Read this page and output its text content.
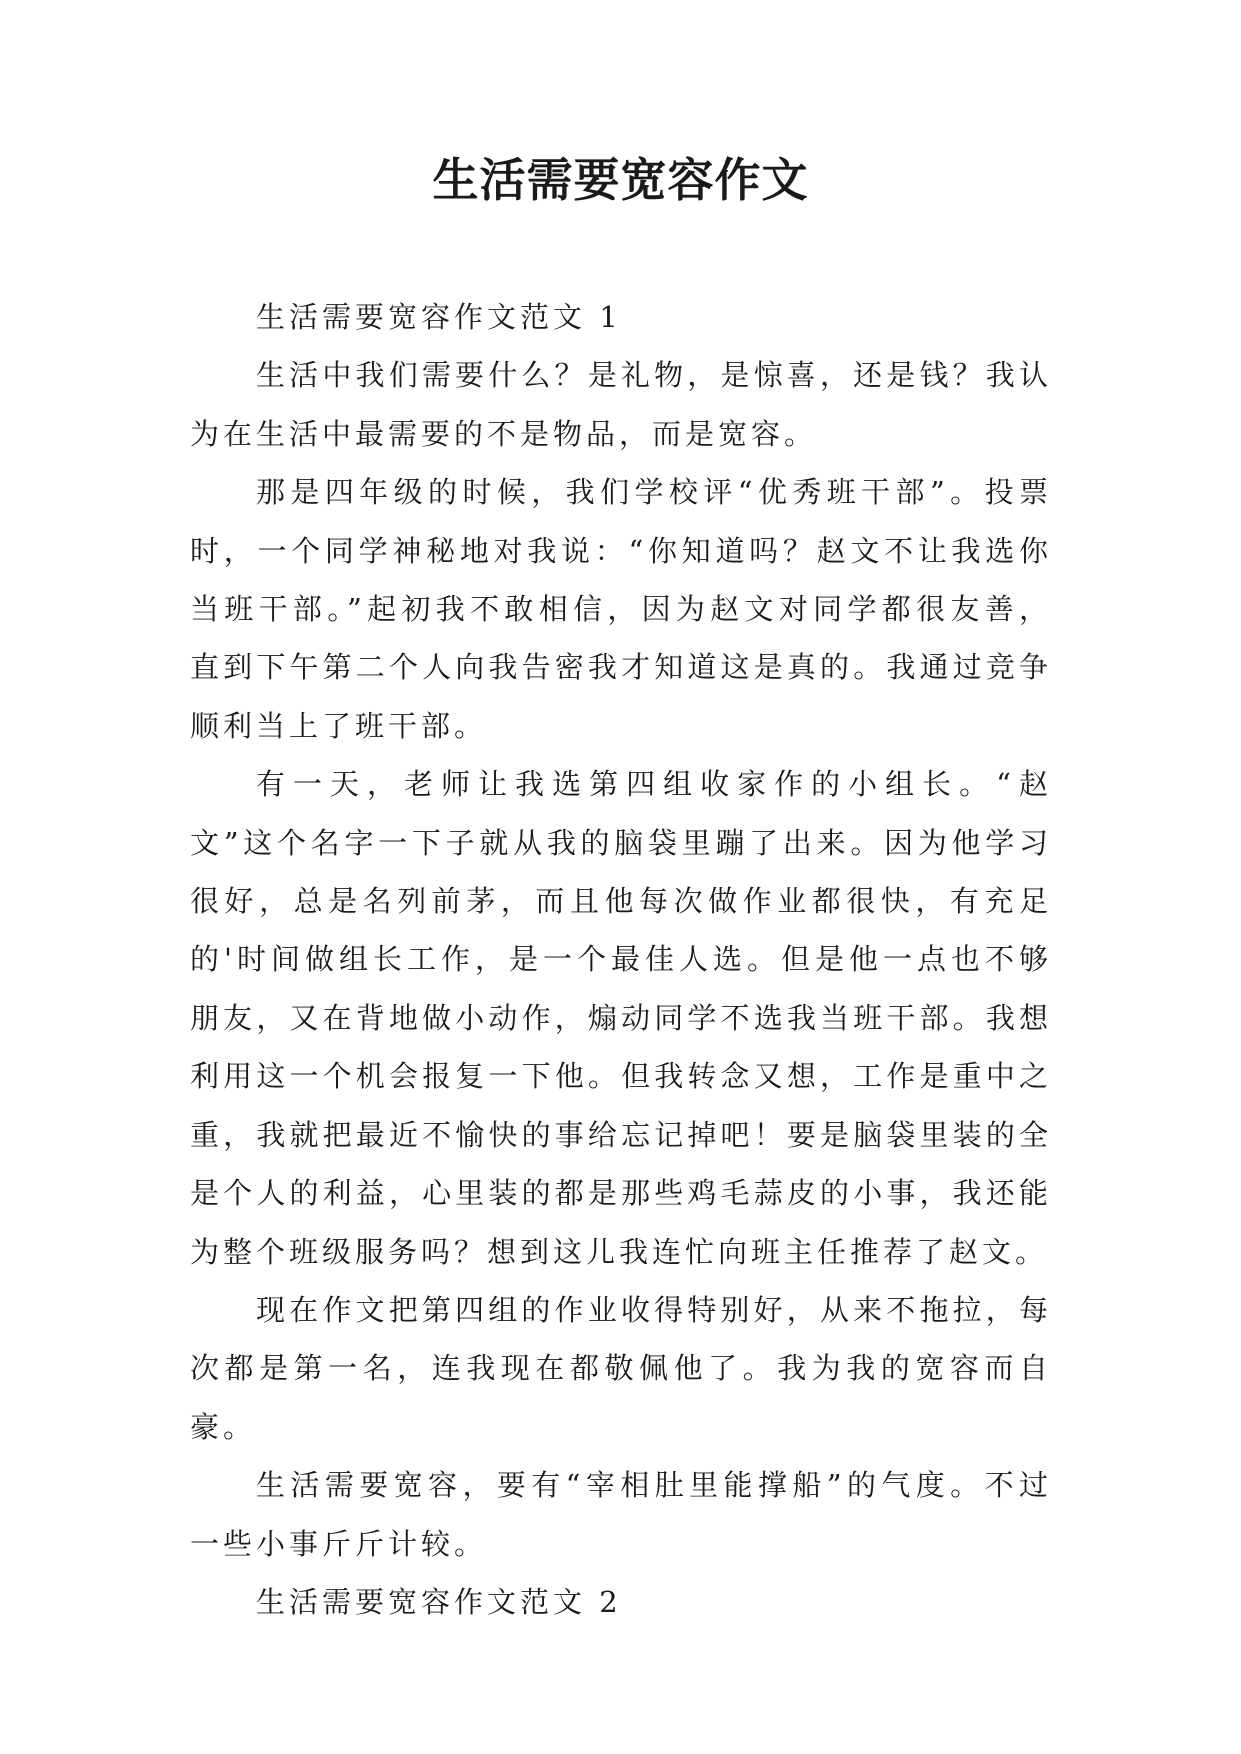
生活需要宽容作文

生活需要宽容作文范文 1

生活中我们需要什么？是礼物，是惊喜，还是钱？我认为在生活中最需要的不是物品，而是宽容。

那是四年级的时候，我们学校评“优秀班干部”。投票时，一个同学神秘地对我说：“你知道吗？赵文不让我选你当班干部。”起初我不敢相信，因为赵文对同学都很友善，直到下午第二个人向我告密我才知道这是真的。我通过竞争顺利当上了班干部。

有一天，老师让我选第四组收家作的小组长。“赵文”这个名字一下子就从我的脑袋里蹦了出来。因为他学习很好，总是名列前茅，而且他每次做作业都很快，有充足的'时间做组长工作，是一个最佳人选。但是他一点也不够朋友，又在背地做小动作，煽动同学不选我当班干部。我想利用这一个机会报复一下他。但我转念又想，工作是重中之重，我就把最近不愉快的事给忘记掉吧！要是脑袋里装的全是个人的利益，心里装的都是那些鸡毛蒜皮的小事，我还能为整个班级服务吗？想到这儿我连忙向班主任推荐了赵文。

现在作文把第四组的作业收得特别好，从来不拖拉，每次都是第一名，连我现在都敬佩他了。我为我的宽容而自豪。

生活需要宽容，要有“宰相肚里能撑船”的气度。不过一些小事斤斤计较。

生活需要宽容作文范文 2
